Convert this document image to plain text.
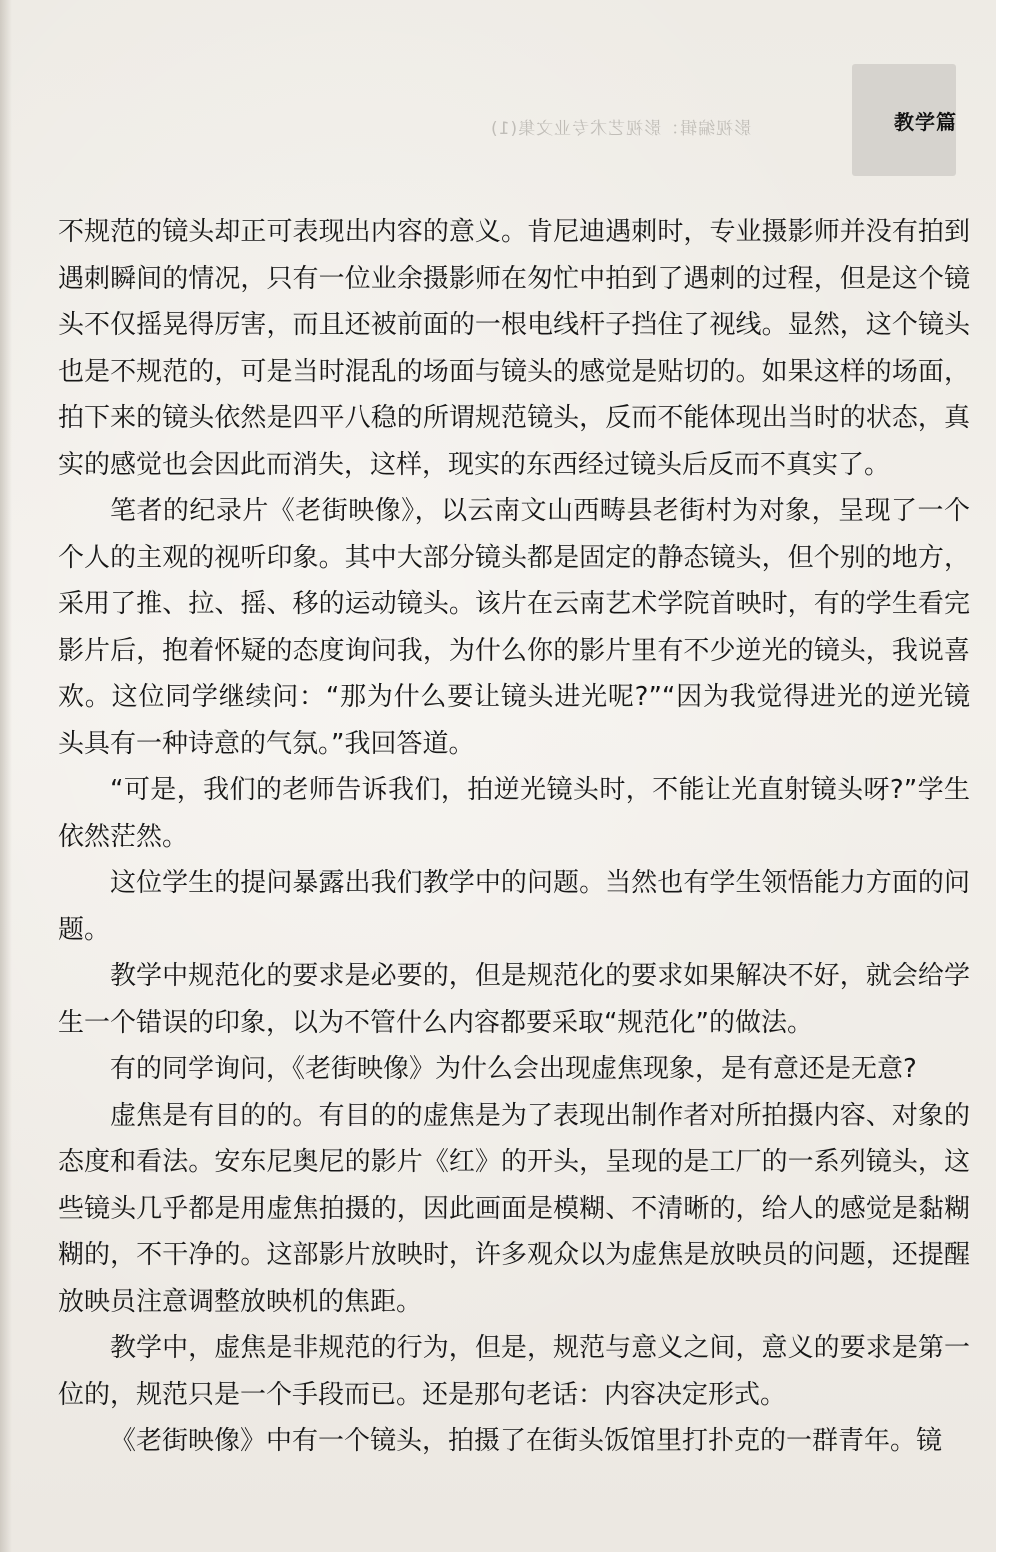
影视编辑：影视艺术专业文集(1)	教学篇

不规范的镜头却正可表现出内容的意义。肯尼迪遇刺时，专业摄影师并没有拍到遇刺瞬间的情况，只有一位业余摄影师在匆忙中拍到了遇刺的过程，但是这个镜头不仅摇晃得厉害，而且还被前面的一根电线杆子挡住了视线。显然，这个镜头也是不规范的，可是当时混乱的场面与镜头的感觉是贴切的。如果这样的场面，拍下来的镜头依然是四平八稳的所谓规范镜头，反而不能体现出当时的状态，真实的感觉也会因此而消失，这样，现实的东西经过镜头后反而不真实了。

笔者的纪录片《老街映像》，以云南文山西畴县老街村为对象，呈现了一个个人的主观的视听印象。其中大部分镜头都是固定的静态镜头，但个别的地方，采用了推、拉、摇、移的运动镜头。该片在云南艺术学院首映时，有的学生看完影片后，抱着怀疑的态度询问我，为什么你的影片里有不少逆光的镜头，我说喜欢。这位同学继续问：“那为什么要让镜头进光呢?”“因为我觉得进光的逆光镜头具有一种诗意的气氛。”我回答道。

“可是，我们的老师告诉我们，拍逆光镜头时，不能让光直射镜头呀?”学生依然茫然。

这位学生的提问暴露出我们教学中的问题。当然也有学生领悟能力方面的问题。

教学中规范化的要求是必要的，但是规范化的要求如果解决不好，就会给学生一个错误的印象，以为不管什么内容都要采取“规范化”的做法。

有的同学询问，《老街映像》为什么会出现虚焦现象，是有意还是无意?

虚焦是有目的的。有目的的虚焦是为了表现出制作者对所拍摄内容、对象的态度和看法。安东尼奥尼的影片《红》的开头，呈现的是工厂的一系列镜头，这些镜头几乎都是用虚焦拍摄的，因此画面是模糊、不清晰的，给人的感觉是黏糊糊的，不干净的。这部影片放映时，许多观众以为虚焦是放映员的问题，还提醒放映员注意调整放映机的焦距。

教学中，虚焦是非规范的行为，但是，规范与意义之间，意义的要求是第一位的，规范只是一个手段而已。还是那句老话：内容决定形式。

《老街映像》中有一个镜头，拍摄了在街头饭馆里打扑克的一群青年。镜
